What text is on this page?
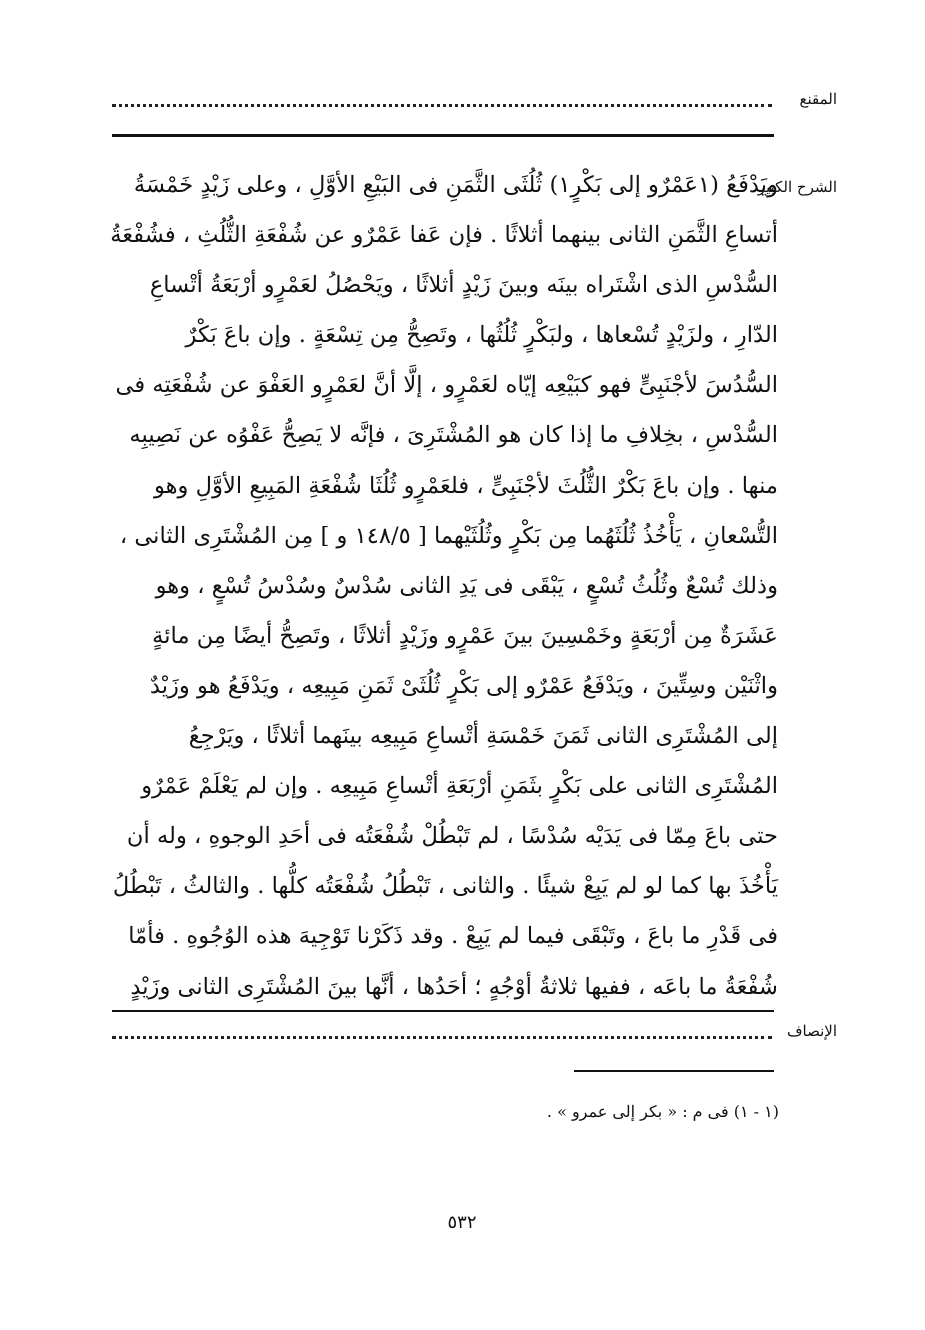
المقنع
الشرح الكبير

ويَدْفَعُ (١عَمْرٌو إلى بَكْرٍ١) ثُلُثَى الثَّمَنِ فى البَيْعِ الأوَّلِ ، وعلى زَيْدٍ خَمْسَةُ
أتساعِ الثَّمَنِ الثانى بينهما أثلاثًا . فإن عَفا عَمْرٌو عن شُفْعَةِ الثُّلُثِ ، فشُفْعَةُ
السُّدْسِ الذى اشْتَراه بينَه وبينَ زَيْدٍ أثلاثًا ، ويَحْصُلُ لعَمْرٍو أرْبَعَةُ أتْساعِ
الدّارِ ، ولزَيْدٍ تُسْعاها ، ولبَكْرٍ ثُلُثُها ، وتَصِحُّ مِن تِسْعَةٍ . وإن باعَ بَكْرٌ
السُّدُسَ لأجْنَبِىٍّ فهو كبَيْعِه إيّاه لعَمْرٍو ، إلَّا أنَّ لعَمْرٍو العَفْوَ عن شُفْعَتِه فى
السُّدْسِ ، بخِلافِ ما إذا كان هو المُشْتَرِىَ ، فإنَّه لا يَصِحُّ عَفْوُه عن نَصِيبِه
منها . وإن باعَ بَكْرٌ الثُّلُثَ لأجْنَبِىٍّ ، فلعَمْرٍو ثُلُثَا شُفْعَةِ المَبِيعِ الأوَّلِ وهو
التُّسْعانِ ، يَأْخُذُ ثُلُثَهُما مِن بَكْرٍ وثُلُثَيْهما [ ١٤٨/٥ و ] مِن المُشْتَرِى الثانى ،
وذلك تُسْعٌ وثُلُثُ تُسْعٍ ، يَبْقَى فى يَدِ الثانى سُدْسٌ وسُدْسُ تُسْعٍ ، وهو
عَشَرَةٌ مِن أرْبَعَةٍ وخَمْسِينَ بينَ عَمْرٍو وزَيْدٍ أثلاثًا ، وتَصِحُّ أيضًا مِن مائةٍ
واثْنَيْن وسِتِّينَ ، ويَدْفَعُ عَمْرٌو إلى بَكْرٍ ثُلُثَىْ ثَمَنِ مَبِيعِه ، ويَدْفَعُ هو وزَيْدٌ
إلى المُشْتَرِى الثانى ثَمَنَ خَمْسَةِ أتْساعِ مَبِيعِه بينَهما أثلاثًا ، ويَرْجِعُ
المُشْتَرِى الثانى على بَكْرٍ بثَمَنِ أرْبَعَةِ أتْساعِ مَبِيعِه . وإن لم يَعْلَمْ عَمْرٌو
حتى باعَ مِمّا فى يَدَيْه سُدْسًا ، لم تَبْطُلْ شُفْعَتُه فى أحَدِ الوجوهِ ، وله أن
يَأْخُذَ بها كما لو لم يَبِعْ شيئًا . والثانى ، تَبْطُلُ شُفْعَتُه كلُّها . والثالثُ ، تَبْطُلُ
فى قَدْرِ ما باعَ ، وتَبْقَى فيما لم يَبِعْ . وقد ذَكَرْنا تَوْجِيهَ هذه الوُجُوهِ . فأمّا
شُفْعَةُ ما باعَه ، ففيها ثلاثةُ أوْجُهٍ ؛ أحَدُها ، أنَّها بينَ المُشْتَرِى الثانى وزَيْدٍ

الإنصاف
(١ - ١) فى م : « بكر إلى عمرو » .
٥٣٢
